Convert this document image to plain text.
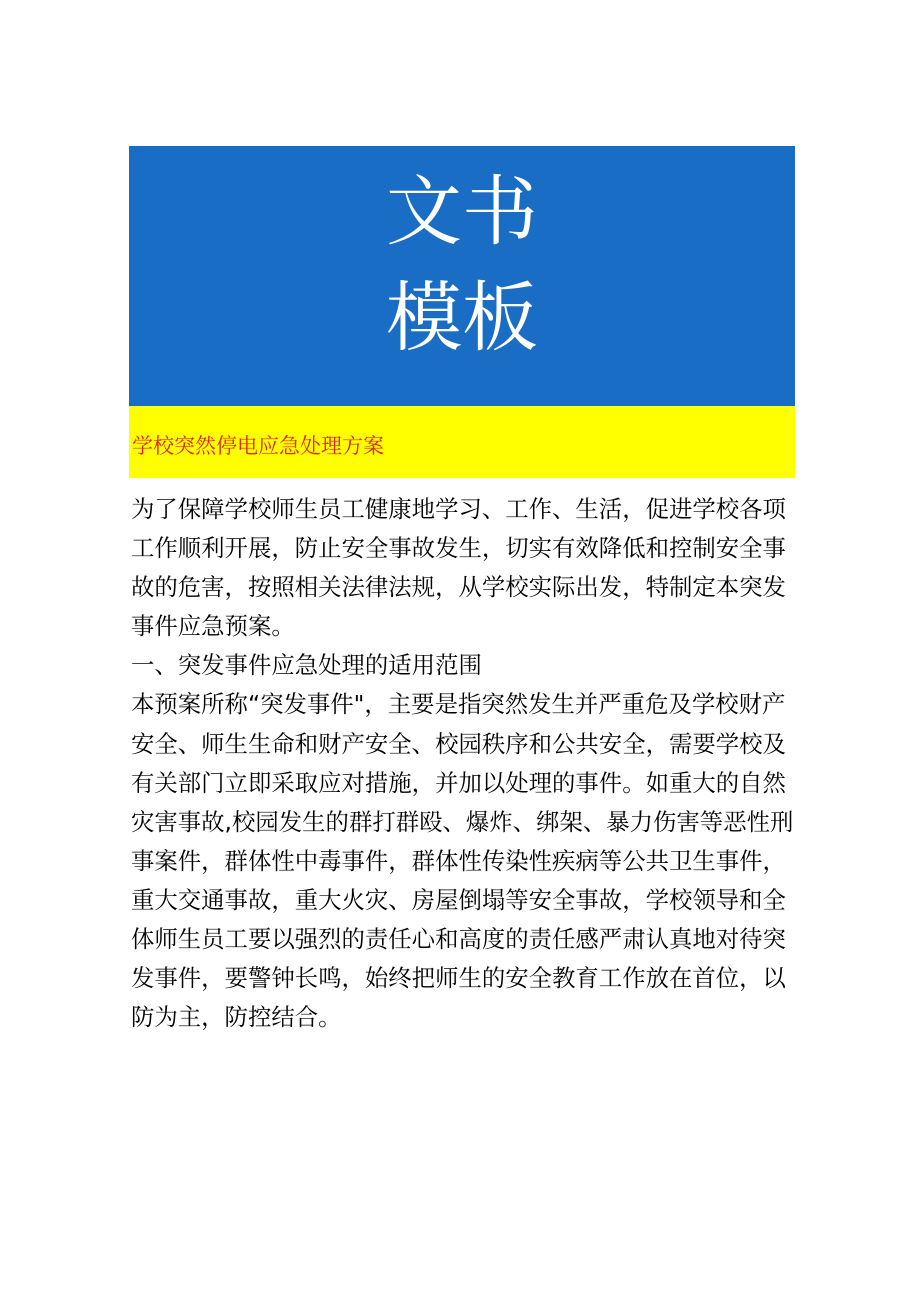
文书
模板
学校突然停电应急处理方案
为了保障学校师生员工健康地学习、工作、生活，促进学校各项
工作顺利开展，防止安全事故发生，切实有效降低和控制安全事
故的危害，按照相关法律法规，从学校实际出发，特制定本突发
事件应急预案。
一、突发事件应急处理的适用范围
本预案所称“突发事件"，主要是指突然发生并严重危及学校财产
安全、师生生命和财产安全、校园秩序和公共安全，需要学校及
有关部门立即采取应对措施，并加以处理的事件。如重大的自然
灾害事故,校园发生的群打群殴、爆炸、绑架、暴力伤害等恶性刑
事案件，群体性中毒事件，群体性传染性疾病等公共卫生事件，
重大交通事故，重大火灾、房屋倒塌等安全事故，学校领导和全
体师生员工要以强烈的责任心和高度的责任感严肃认真地对待突
发事件，要警钟长鸣，始终把师生的安全教育工作放在首位，以
防为主，防控结合。
